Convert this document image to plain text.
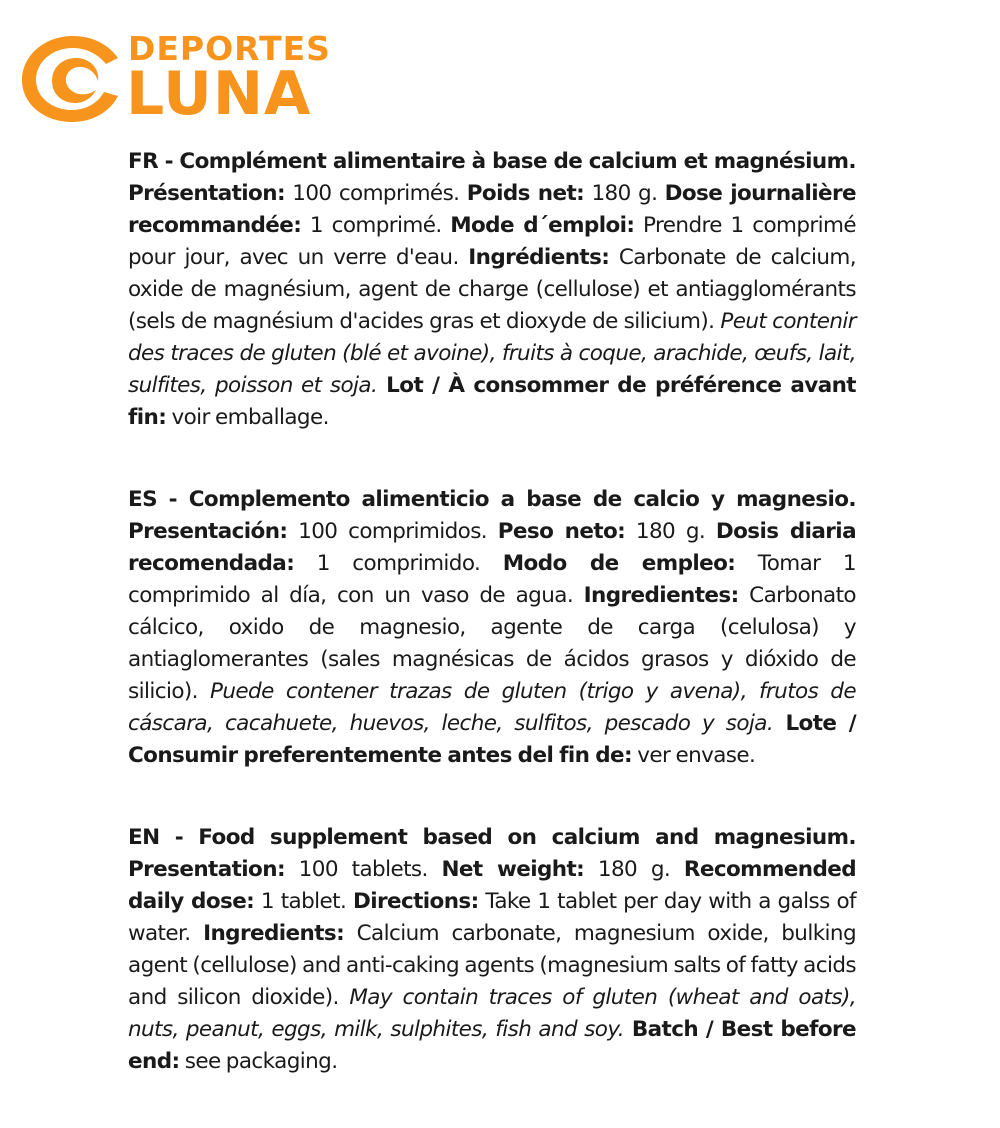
DEPORTES
LUNA

FR - Complément alimentaire à base de calcium et magnésium. Présentation: 100 comprimés. Poids net: 180 g. Dose journalière recommandée: 1 comprimé. Mode d´emploi: Prendre 1 comprimé pour jour, avec un verre d'eau. Ingrédients: Carbonate de calcium, oxide de magnésium, agent de charge (cellulose) et antiagglomérants (sels de magnésium d'acides gras et dioxyde de silicium). Peut contenir des traces de gluten (blé et avoine), fruits à coque, arachide, œufs, lait, sulfites, poisson et soja. Lot / À consommer de préférence avant fin: voir emballage.

ES - Complemento alimenticio a base de calcio y magnesio. Presentación: 100 comprimidos. Peso neto: 180 g. Dosis diaria recomendada: 1 comprimido. Modo de empleo: Tomar 1 comprimido al día, con un vaso de agua. Ingredientes: Carbonato cálcico, oxido de magnesio, agente de carga (celulosa) y antiaglomerantes (sales magnésicas de ácidos grasos y dióxido de silicio). Puede contener trazas de gluten (trigo y avena), frutos de cáscara, cacahuete, huevos, leche, sulfitos, pescado y soja. Lote / Consumir preferentemente antes del fin de: ver envase.

EN - Food supplement based on calcium and magnesium. Presentation: 100 tablets. Net weight: 180 g. Recommended daily dose: 1 tablet. Directions: Take 1 tablet per day with a galss of water. Ingredients: Calcium carbonate, magnesium oxide, bulking agent (cellulose) and anti-caking agents (magnesium salts of fatty acids and silicon dioxide). May contain traces of gluten (wheat and oats), nuts, peanut, eggs, milk, sulphites, fish and soy. Batch / Best before end: see packaging.
